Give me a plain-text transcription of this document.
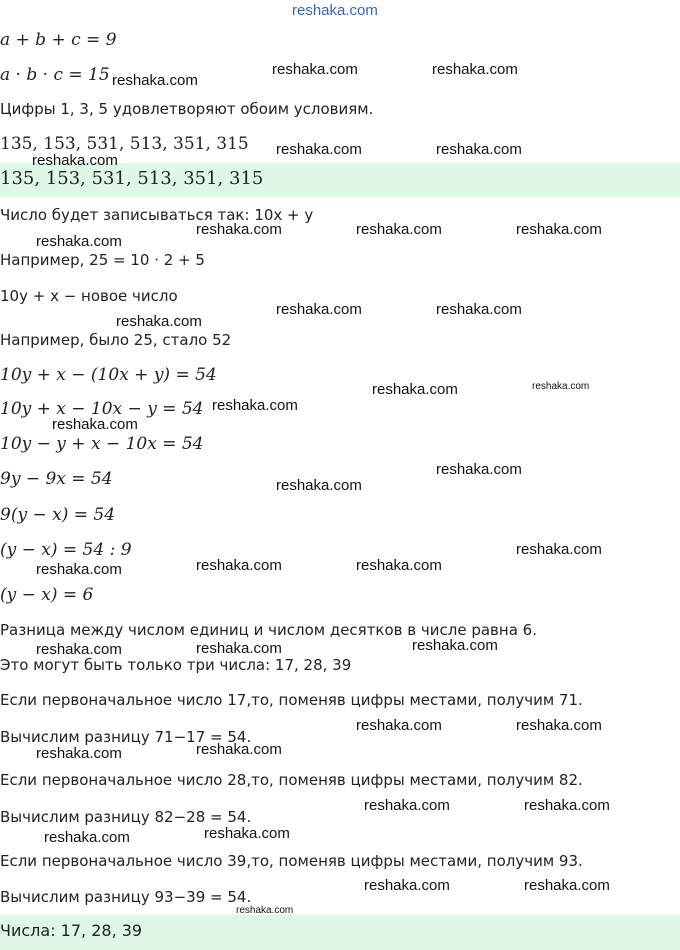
reshaka.com
a + b + c = 9
a · b · c = 15
Цифры 1, 3, 5 удовлетворяют обоим условиям.
135, 153, 531, 513, 351, 315
135, 153, 531, 513, 351, 315
Число будет записываться так: 10x + y
Например, 25 = 10 · 2 + 5
10y + x − новое число
Например, было 25, стало 52
10y + x − (10x + y) = 54
10y + x − 10x − y = 54
10y − y + x − 10x = 54
9y − 9x = 54
9(y − x) = 54
(y − x) = 54 : 9
(y − x) = 6
Разница между числом единиц и числом десятков в числе равна 6.
Это могут быть только три числа: 17, 28, 39
Если первоначальное число 17,то, поменяв цифры местами, получим 71.
Вычислим разницу 71−17 = 54.
Если первоначальное число 28,то, поменяв цифры местами, получим 82.
Вычислим разницу 82−28 = 54.
Если первоначальное число 39,то, поменяв цифры местами, получим 93.
Вычислим разницу 93−39 = 54.
Числа: 17, 28, 39
reshaka.com
reshaka.com	reshaka.com
reshaka.com	reshaka.com
reshaka.com
reshaka.com	reshaka.com	reshaka.com
reshaka.com
reshaka.com	reshaka.com
reshaka.com
reshaka.com	reshaka.com
reshaka.com
reshaka.com
reshaka.com
reshaka.com
reshaka.com
reshaka.com	reshaka.com
reshaka.com
reshaka.com
reshaka.com
reshaka.com
reshaka.com	reshaka.com
reshaka.com
reshaka.com
reshaka.com	reshaka.com
reshaka.com
reshaka.com
reshaka.com	reshaka.com
reshaka.com
